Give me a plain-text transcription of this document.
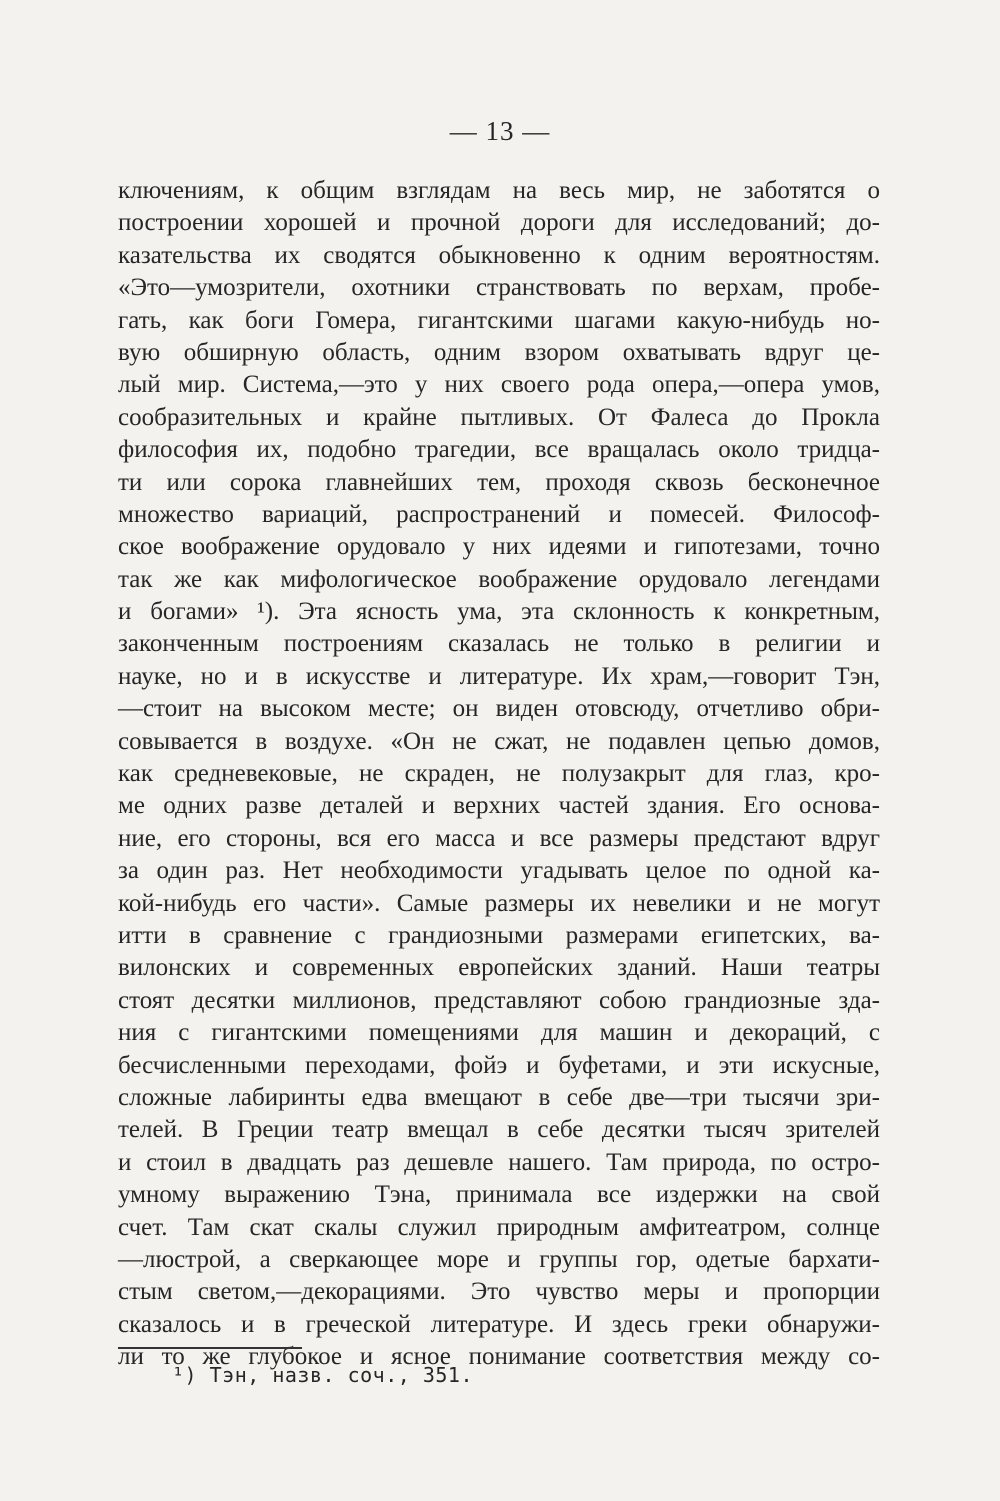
— 13 —
ключениям, к общим взглядам на весь мир, не заботятся о
построении хорошей и прочной дороги для исследований; до-
казательства их сводятся обыкновенно к одним вероятностям.
«Это—умозрители, охотники странствовать по верхам, пробе-
гать, как боги Гомера, гигантскими шагами какую-нибудь но-
вую обширную область, одним взором охватывать вдруг це-
лый мир. Система,—это у них своего рода опера,—опера умов,
сообразительных и крайне пытливых. От Фалеса до Прокла
философия их, подобно трагедии, все вращалась около тридца-
ти или сорока главнейших тем, проходя сквозь бесконечное
множество вариаций, распространений и помесей. Философ-
ское воображение орудовало у них идеями и гипотезами, точно
так же как мифологическое воображение орудовало легендами
и богами» ¹). Эта ясность ума, эта склонность к конкретным,
законченным построениям сказалась не только в религии и
науке, но и в искусстве и литературе. Их храм,—говорит Тэн,
—стоит на высоком месте; он виден отовсюду, отчетливо обри-
совывается в воздухе. «Он не сжат, не подавлен цепью домов,
как средневековые, не скраден, не полузакрыт для глаз, кро-
ме одних разве деталей и верхних частей здания. Его основа-
ние, его стороны, вся его масса и все размеры предстают вдруг
за один раз. Нет необходимости угадывать целое по одной ка-
кой-нибудь его части». Самые размеры их невелики и не могут
итти в сравнение с грандиозными размерами египетских, ва-
вилонских и современных европейских зданий. Наши театры
стоят десятки миллионов, представляют собою грандиозные зда-
ния с гигантскими помещениями для машин и декораций, с
бесчисленными переходами, фойэ и буфетами, и эти искусные,
сложные лабиринты едва вмещают в себе две—три тысячи зри-
телей. В Греции театр вмещал в себе десятки тысяч зрителей
и стоил в двадцать раз дешевле нашего. Там природа, по остро-
умному выражению Тэна, принимала все издержки на свой
счет. Там скат скалы служил природным амфитеатром, солнце
—люстрой, а сверкающее море и группы гор, одетые бархати-
стым светом,—декорациями. Это чувство меры и пропорции
сказалось и в греческой литературе. И здесь греки обнаружи-
ли то же глубокое и ясное понимание соответствия между со-
¹) Тэн, назв. соч., 351.
